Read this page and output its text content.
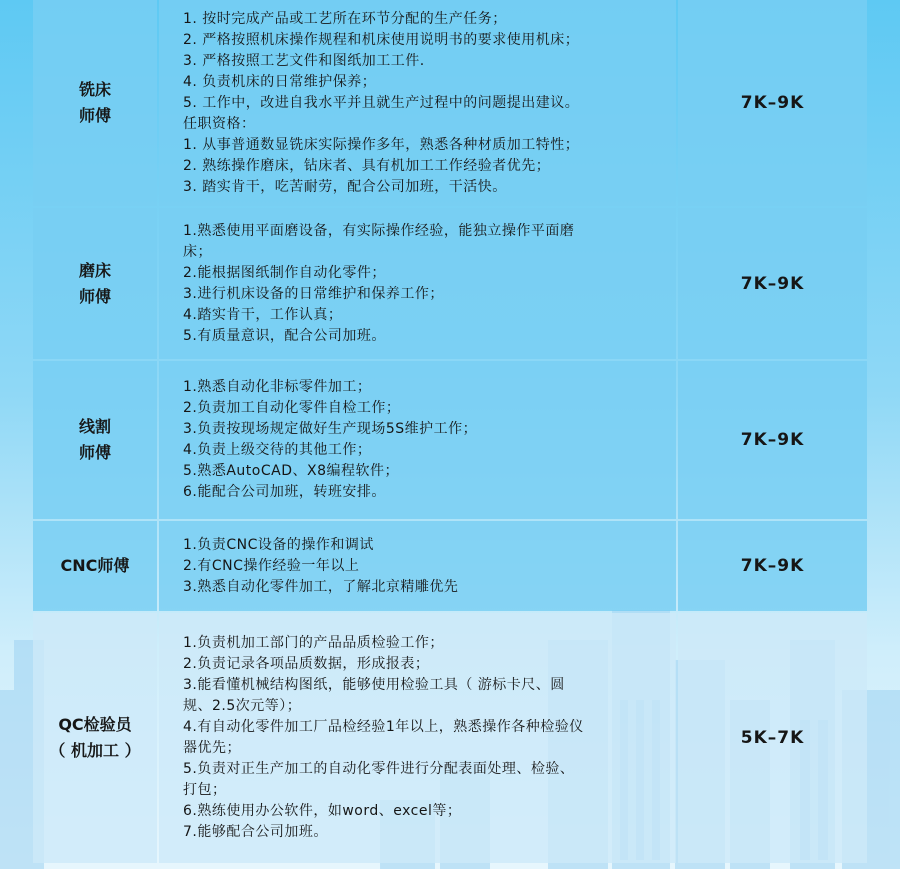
铣床
师傅
1. 按时完成产品或工艺所在环节分配的生产任务；
2. 严格按照机床操作规程和机床使用说明书的要求使用机床；
3. 严格按照工艺文件和图纸加工工件.
4. 负责机床的日常维护保养；
5. 工作中，改进自我水平并且就生产过程中的问题提出建议。
任职资格：
1. 从事普通数显铣床实际操作多年，熟悉各种材质加工特性；
2. 熟练操作磨床，钻床者、具有机加工工作经验者优先；
3. 踏实肯干，吃苦耐劳，配合公司加班，干活快。
7K–9K
磨床
师傅
1.熟悉使用平面磨设备，有实际操作经验，能独立操作平面磨
床；
2.能根据图纸制作自动化零件；
3.进行机床设备的日常维护和保养工作；
4.踏实肯干，工作认真；
5.有质量意识，配合公司加班。
7K–9K
线割
师傅
1.熟悉自动化非标零件加工；
2.负责加工自动化零件自检工作；
3.负责按现场规定做好生产现场5S维护工作；
4.负责上级交待的其他工作；
5.熟悉AutoCAD、X8编程软件；
6.能配合公司加班，转班安排。
7K–9K
CNC师傅
1.负责CNC设备的操作和调试
2.有CNC操作经验一年以上
3.熟悉自动化零件加工，了解北京精雕优先
7K–9K
QC检验员
（ 机加工 ）
1.负责机加工部门的产品品质检验工作；
2.负责记录各项品质数据，形成报表；
3.能看懂机械结构图纸，能够使用检验工具（ 游标卡尺、圆
规、2.5次元等）；
4.有自动化零件加工厂品检经验1年以上，熟悉操作各种检验仪
器优先；
5.负责对正生产加工的自动化零件进行分配表面处理、检验、
打包；
6.熟练使用办公软件，如word、excel等；
7.能够配合公司加班。
5K–7K
